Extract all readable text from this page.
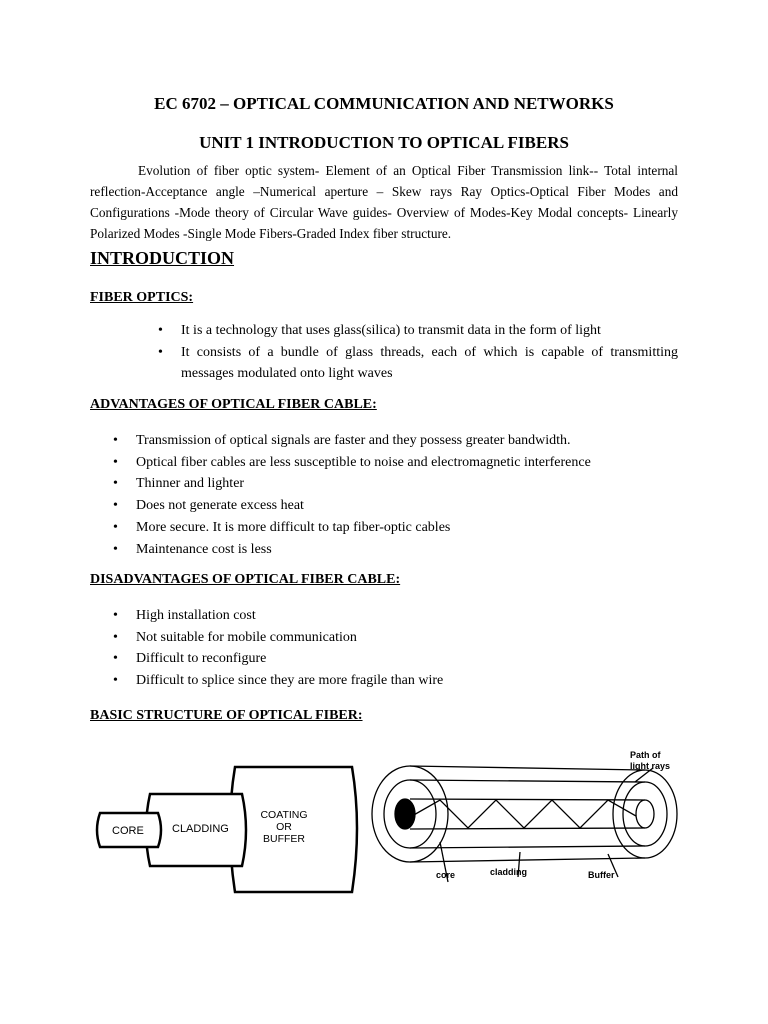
EC 6702 – OPTICAL COMMUNICATION AND NETWORKS
UNIT 1 INTRODUCTION TO OPTICAL FIBERS
Evolution of fiber optic system- Element of an Optical Fiber Transmission link-- Total internal reflection-Acceptance angle –Numerical aperture – Skew rays Ray Optics-Optical Fiber Modes and Configurations -Mode theory of Circular Wave guides- Overview of Modes-Key Modal concepts- Linearly Polarized Modes -Single Mode Fibers-Graded Index fiber structure.
INTRODUCTION
FIBER OPTICS:
• It is a technology that uses glass(silica) to transmit data in the form of light
• It consists of a bundle of glass threads, each of which is capable of transmitting messages modulated onto light waves
ADVANTAGES OF OPTICAL FIBER CABLE:
• Transmission of optical signals are faster and they possess greater bandwidth.
• Optical fiber cables are less susceptible to noise and electromagnetic interference
• Thinner and lighter
• Does not generate excess heat
• More secure. It is more difficult to tap fiber-optic cables
• Maintenance cost is less
DISADVANTAGES OF OPTICAL FIBER CABLE:
• High installation cost
• Not suitable for mobile communication
• Difficult to reconfigure
• Difficult to splice since they are more fragile than wire
BASIC STRUCTURE OF OPTICAL FIBER:
CORE	CLADDING
COATING
OR
BUFFER
Path of
light rays
core	cladding	Buffer
